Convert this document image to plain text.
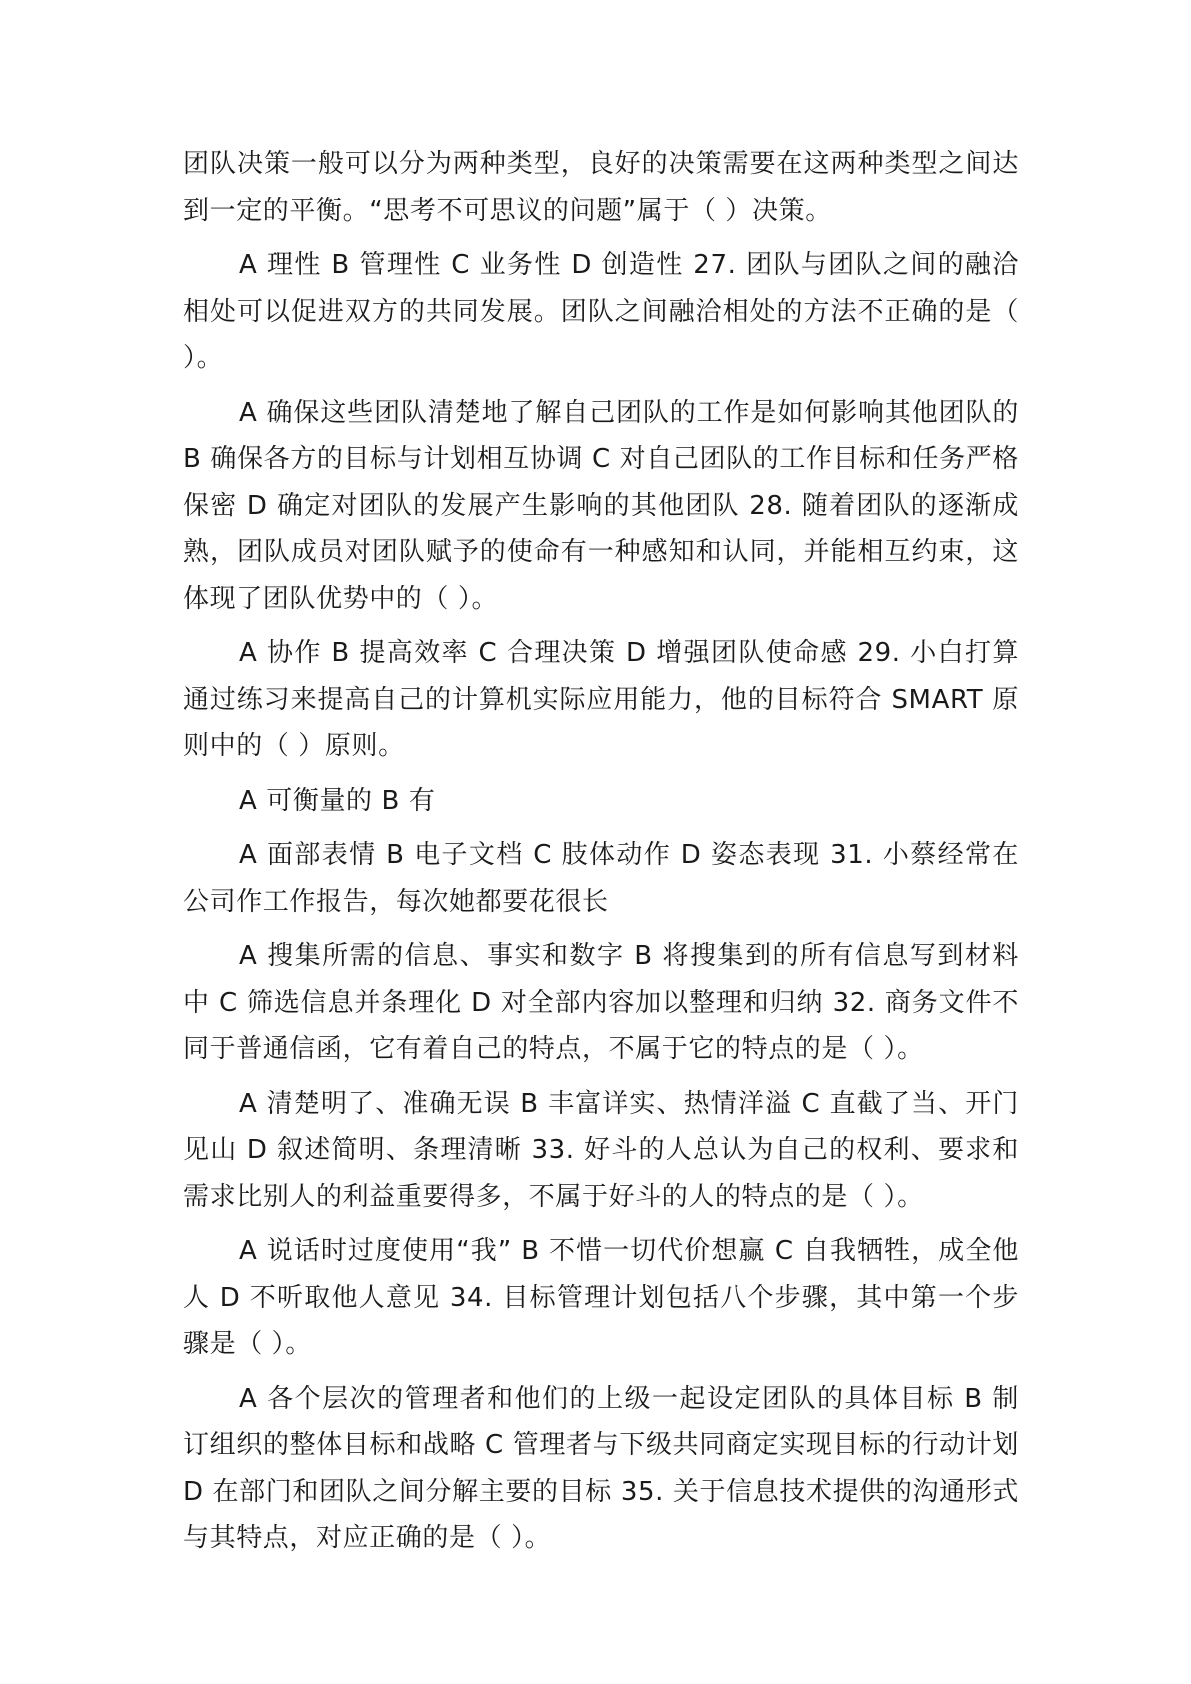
团队决策一般可以分为两种类型，良好的决策需要在这两种类型之间达到一定的平衡。“思考不可思议的问题”属于（ ）决策。

A 理性 B 管理性 C 业务性 D 创造性 27. 团队与团队之间的融洽相处可以促进双方的共同发展。团队之间融洽相处的方法不正确的是（ ）。

A 确保这些团队清楚地了解自己团队的工作是如何影响其他团队的 B 确保各方的目标与计划相互协调 C 对自己团队的工作目标和任务严格保密 D 确定对团队的发展产生影响的其他团队 28. 随着团队的逐渐成熟，团队成员对团队赋予的使命有一种感知和认同，并能相互约束，这体现了团队优势中的（ ）。

A 协作 B 提高效率 C 合理决策 D 增强团队使命感 29. 小白打算通过练习来提高自己的计算机实际应用能力，他的目标符合 SMART 原则中的（ ）原则。

A 可衡量的 B 有

A 面部表情 B 电子文档 C 肢体动作 D 姿态表现 31. 小蔡经常在公司作工作报告，每次她都要花很长

A 搜集所需的信息、事实和数字 B 将搜集到的所有信息写到材料中 C 筛选信息并条理化 D 对全部内容加以整理和归纳 32. 商务文件不同于普通信函，它有着自己的特点，不属于它的特点的是（ ）。

A 清楚明了、准确无误 B 丰富详实、热情洋溢 C 直截了当、开门见山 D 叙述简明、条理清晰 33. 好斗的人总认为自己的权利、要求和需求比别人的利益重要得多，不属于好斗的人的特点的是（ ）。

A 说话时过度使用“我” B 不惜一切代价想赢 C 自我牺牲，成全他人 D 不听取他人意见 34. 目标管理计划包括八个步骤，其中第一个步骤是（ ）。

A 各个层次的管理者和他们的上级一起设定团队的具体目标 B 制订组织的整体目标和战略 C 管理者与下级共同商定实现目标的行动计划 D 在部门和团队之间分解主要的目标 35. 关于信息技术提供的沟通形式与其特点，对应正确的是（ ）。
